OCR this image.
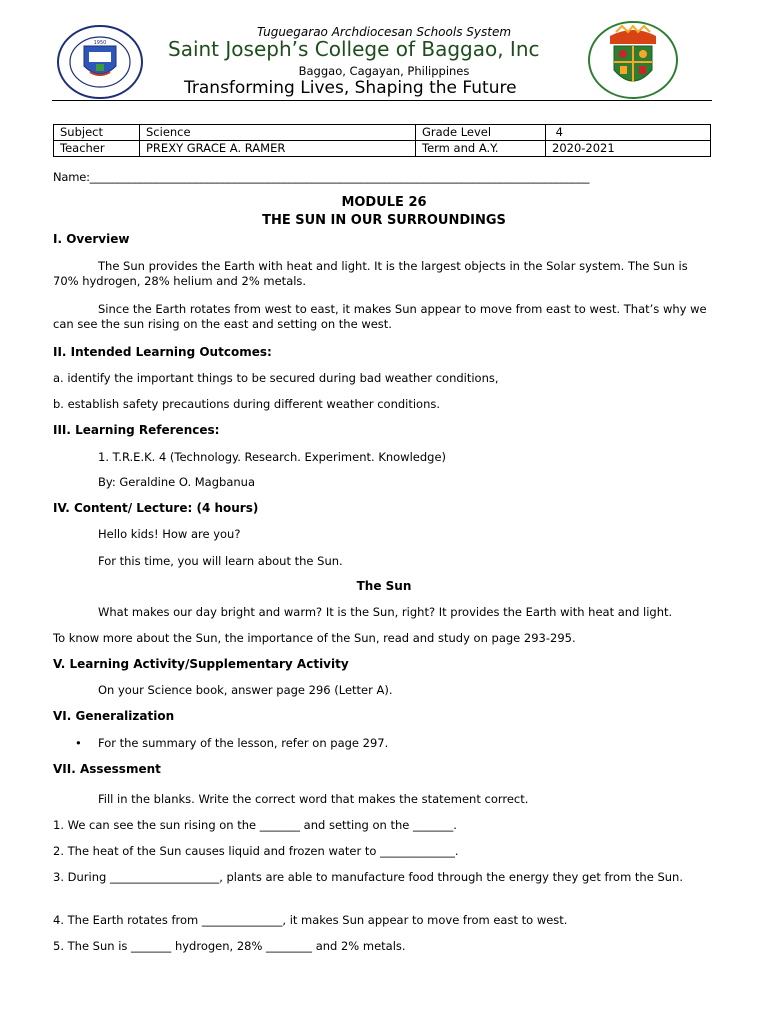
1950
Tuguegarao Archdiocesan Schools System
Saint Joseph’s College of Baggao, Inc
Baggao, Cagayan, Philippines
Transforming Lives, Shaping the Future
Subject	Science	Grade Level	4
Teacher	PREXY GRACE A. RAMER	Term and A.Y.	2020-2021
Name:__________________________________________________________________________________________
MODULE 26
THE SUN IN OUR SURROUNDINGS
I. Overview
The Sun provides the Earth with heat and light. It is the largest objects in the Solar system. The Sun is 70% hydrogen, 28% helium and 2% metals.
Since the Earth rotates from west to east, it makes Sun appear to move from east to west. That’s why we can see the sun rising on the east and setting on the west.
II. Intended Learning Outcomes:
a. identify the important things to be secured during bad weather conditions,
b. establish safety precautions during different weather conditions.
III. Learning References:
1. T.R.E.K. 4 (Technology. Research. Experiment. Knowledge)
By: Geraldine O. Magbanua
IV. Content/ Lecture: (4 hours)
Hello kids! How are you?
For this time, you will learn about the Sun.
The Sun
What makes our day bright and warm? It is the Sun, right? It provides the Earth with heat and light.
To know more about the Sun, the importance of the Sun, read and study on page 293-295.
V. Learning Activity/Supplementary Activity
On your Science book, answer page 296 (Letter A).
VI. Generalization
• For the summary of the lesson, refer on page 297.
VII. Assessment
Fill in the blanks. Write the correct word that makes the statement correct.
1. We can see the sun rising on the _______ and setting on the _______.
2. The heat of the Sun causes liquid and frozen water to _____________.
3. During ___________________, plants are able to manufacture food through the energy they get from the Sun.
4. The Earth rotates from ______________, it makes Sun appear to move from east to west.
5. The Sun is _______ hydrogen, 28% ________ and 2% metals.
